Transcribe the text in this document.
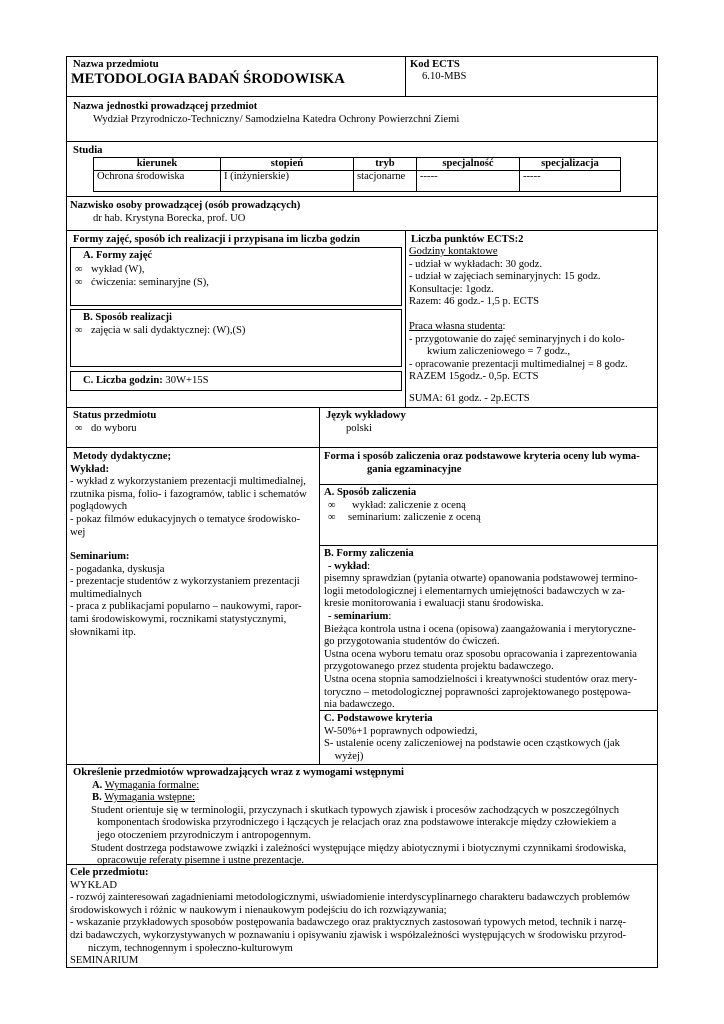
Nazwa przedmiotu
METODOLOGIA BADAŃ ŚRODOWISKA
Kod ECTS
6.10-MBS
Nazwa jednostki prowadzącej przedmiot
Wydział Przyrodniczo-Techniczny/ Samodzielna Katedra Ochrony Powierzchni Ziemi
Studia
kierunek	stopień	tryb	specjalność	specjalizacja
Ochrona środowiska	I (inżynierskie)	stacjonarne	-----	-----
Nazwisko osoby prowadzącej (osób prowadzących)
dr hab. Krystyna Borecka, prof. UO
Formy zajęć, sposób ich realizacji i przypisana im liczba godzin
A. Formy zajęć
∞ wykład (W),
∞ ćwiczenia: seminaryjne (S),
B. Sposób realizacji
∞ zajęcia w sali dydaktycznej: (W),(S)
C. Liczba godzin: 30W+15S
Liczba punktów ECTS:2
Godziny kontaktowe
- udział w wykładach: 30 godz.
- udział w zajęciach seminaryjnych: 15 godz.
Konsultacje: 1godz.
Razem: 46 godz.- 1,5 p. ECTS
Praca własna studenta:
- przygotowanie do zajęć seminaryjnych i do kolo-
kwium zaliczeniowego = 7 godz.,
- opracowanie prezentacji multimedialnej = 8 godz.
RAZEM 15godz.- 0,5p. ECTS
SUMA: 61 godz. - 2p.ECTS
Status przedmiotu
∞ do wyboru
Język wykładowy
polski
Metody dydaktyczne;
Wykład:
- wykład z wykorzystaniem prezentacji multimedialnej,
rzutnika pisma, folio- i fazogramów, tablic i schematów
poglądowych
- pokaz filmów edukacyjnych o tematyce środowisko-
wej
Seminarium:
- pogadanka, dyskusja
- prezentacje studentów z wykorzystaniem prezentacji
multimedialnych
- praca z publikacjami popularno – naukowymi, rapor-
tami środowiskowymi, rocznikami statystycznymi,
słownikami itp.
Forma i sposób zaliczenia oraz podstawowe kryteria oceny lub wyma-
gania egzaminacyjne
A. Sposób zaliczenia
∞ wykład: zaliczenie z oceną
∞ seminarium: zaliczenie z oceną
B. Formy zaliczenia
- wykład:
pisemny sprawdzian (pytania otwarte) opanowania podstawowej termino-
logii metodologicznej i elementarnych umiejętności badawczych w za-
kresie monitorowania i ewaluacji stanu środowiska.
- seminarium:
Bieżąca kontrola ustna i ocena (opisowa) zaangażowania i merytoryczne-
go przygotowania studentów do ćwiczeń.
Ustna ocena wyboru tematu oraz sposobu opracowania i zaprezentowania
przygotowanego przez studenta projektu badawczego.
Ustna ocena stopnia samodzielności i kreatywności studentów oraz mery-
toryczno – metodologicznej poprawności zaprojektowanego postępowa-
nia badawczego.
C. Podstawowe kryteria
W-50%+1 poprawnych odpowiedzi,
S- ustalenie oceny zaliczeniowej na podstawie ocen cząstkowych (jak
wyżej)
Określenie przedmiotów wprowadzających wraz z wymogami wstępnymi
A. Wymagania formalne:
B. Wymagania wstępne:
Student orientuje się w terminologii, przyczynach i skutkach typowych zjawisk i procesów zachodzących w poszczególnych
komponentach środowiska przyrodniczego i łączących je relacjach oraz zna podstawowe interakcje między człowiekiem a
jego otoczeniem przyrodniczym i antropogennym.
Student dostrzega podstawowe związki i zależności występujące między abiotycznymi i biotycznymi czynnikami środowiska,
opracowuje referaty pisemne i ustne prezentacje.
Cele przedmiotu:
WYKŁAD
- rozwój zainteresowań zagadnieniami metodologicznymi, uświadomienie interdyscyplinarnego charakteru badawczych problemów
środowiskowych i różnic w naukowym i nienaukowym podejściu do ich rozwiązywania;
- wskazanie przykładowych sposobów postępowania badawczego oraz praktycznych zastosowań typowych metod, technik i narzę-
dzi badawczych, wykorzystywanych w poznawaniu i opisywaniu zjawisk i współzależności występujących w środowisku przyrod-
niczym, technogennym i społeczno-kulturowym
SEMINARIUM
